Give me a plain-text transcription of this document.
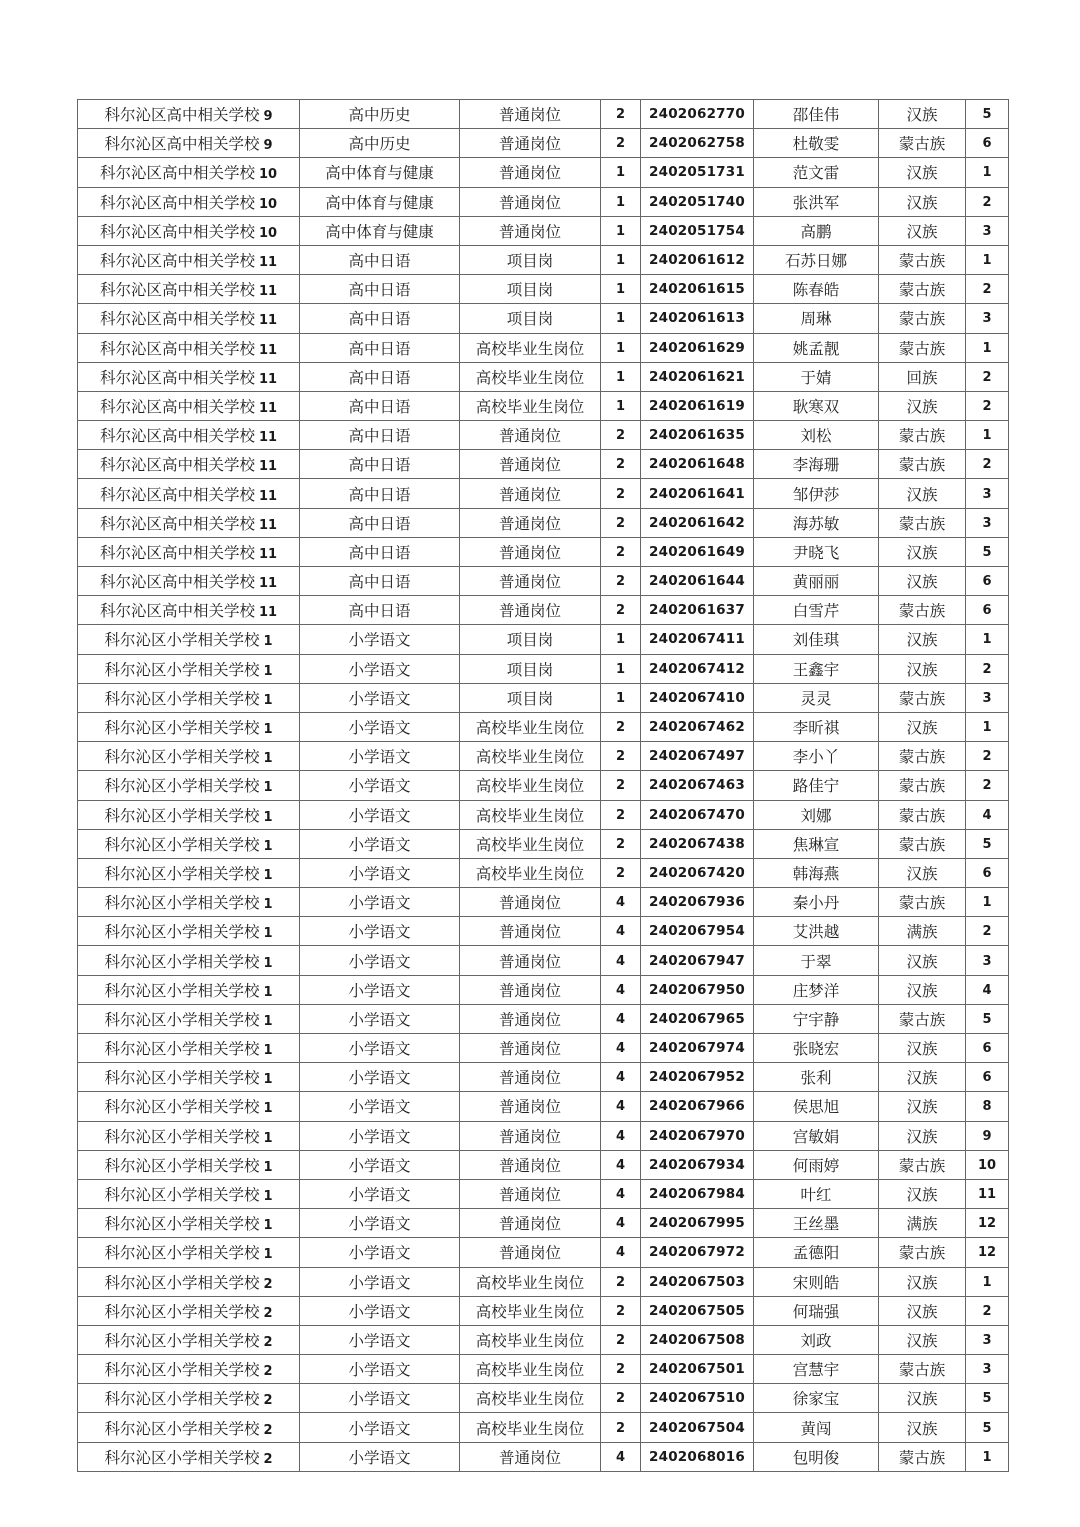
科尔沁区高中相关学校 9	高中历史	普通岗位	2	2402062770	邵佳伟	汉族	5
科尔沁区高中相关学校 9	高中历史	普通岗位	2	2402062758	杜敬雯	蒙古族	6
科尔沁区高中相关学校 10	高中体育与健康	普通岗位	1	2402051731	范文雷	汉族	1
科尔沁区高中相关学校 10	高中体育与健康	普通岗位	1	2402051740	张洪军	汉族	2
科尔沁区高中相关学校 10	高中体育与健康	普通岗位	1	2402051754	高鹏	汉族	3
科尔沁区高中相关学校 11	高中日语	项目岗	1	2402061612	石苏日娜	蒙古族	1
科尔沁区高中相关学校 11	高中日语	项目岗	1	2402061615	陈春皓	蒙古族	2
科尔沁区高中相关学校 11	高中日语	项目岗	1	2402061613	周琳	蒙古族	3
科尔沁区高中相关学校 11	高中日语	高校毕业生岗位	1	2402061629	姚孟靓	蒙古族	1
科尔沁区高中相关学校 11	高中日语	高校毕业生岗位	1	2402061621	于婧	回族	2
科尔沁区高中相关学校 11	高中日语	高校毕业生岗位	1	2402061619	耿寒双	汉族	2
科尔沁区高中相关学校 11	高中日语	普通岗位	2	2402061635	刘松	蒙古族	1
科尔沁区高中相关学校 11	高中日语	普通岗位	2	2402061648	李海珊	蒙古族	2
科尔沁区高中相关学校 11	高中日语	普通岗位	2	2402061641	邹伊莎	汉族	3
科尔沁区高中相关学校 11	高中日语	普通岗位	2	2402061642	海苏敏	蒙古族	3
科尔沁区高中相关学校 11	高中日语	普通岗位	2	2402061649	尹晓飞	汉族	5
科尔沁区高中相关学校 11	高中日语	普通岗位	2	2402061644	黄丽丽	汉族	6
科尔沁区高中相关学校 11	高中日语	普通岗位	2	2402061637	白雪芹	蒙古族	6
科尔沁区小学相关学校 1	小学语文	项目岗	1	2402067411	刘佳琪	汉族	1
科尔沁区小学相关学校 1	小学语文	项目岗	1	2402067412	王鑫宇	汉族	2
科尔沁区小学相关学校 1	小学语文	项目岗	1	2402067410	灵灵	蒙古族	3
科尔沁区小学相关学校 1	小学语文	高校毕业生岗位	2	2402067462	李昕祺	汉族	1
科尔沁区小学相关学校 1	小学语文	高校毕业生岗位	2	2402067497	李小丫	蒙古族	2
科尔沁区小学相关学校 1	小学语文	高校毕业生岗位	2	2402067463	路佳宁	蒙古族	2
科尔沁区小学相关学校 1	小学语文	高校毕业生岗位	2	2402067470	刘娜	蒙古族	4
科尔沁区小学相关学校 1	小学语文	高校毕业生岗位	2	2402067438	焦琳宣	蒙古族	5
科尔沁区小学相关学校 1	小学语文	高校毕业生岗位	2	2402067420	韩海燕	汉族	6
科尔沁区小学相关学校 1	小学语文	普通岗位	4	2402067936	秦小丹	蒙古族	1
科尔沁区小学相关学校 1	小学语文	普通岗位	4	2402067954	艾洪越	满族	2
科尔沁区小学相关学校 1	小学语文	普通岗位	4	2402067947	于翠	汉族	3
科尔沁区小学相关学校 1	小学语文	普通岗位	4	2402067950	庄梦洋	汉族	4
科尔沁区小学相关学校 1	小学语文	普通岗位	4	2402067965	宁宇静	蒙古族	5
科尔沁区小学相关学校 1	小学语文	普通岗位	4	2402067974	张晓宏	汉族	6
科尔沁区小学相关学校 1	小学语文	普通岗位	4	2402067952	张利	汉族	6
科尔沁区小学相关学校 1	小学语文	普通岗位	4	2402067966	侯思旭	汉族	8
科尔沁区小学相关学校 1	小学语文	普通岗位	4	2402067970	宫敏娟	汉族	9
科尔沁区小学相关学校 1	小学语文	普通岗位	4	2402067934	何雨婷	蒙古族	10
科尔沁区小学相关学校 1	小学语文	普通岗位	4	2402067984	叶红	汉族	11
科尔沁区小学相关学校 1	小学语文	普通岗位	4	2402067995	王丝墨	满族	12
科尔沁区小学相关学校 1	小学语文	普通岗位	4	2402067972	孟德阳	蒙古族	12
科尔沁区小学相关学校 2	小学语文	高校毕业生岗位	2	2402067503	宋则皓	汉族	1
科尔沁区小学相关学校 2	小学语文	高校毕业生岗位	2	2402067505	何瑞强	汉族	2
科尔沁区小学相关学校 2	小学语文	高校毕业生岗位	2	2402067508	刘政	汉族	3
科尔沁区小学相关学校 2	小学语文	高校毕业生岗位	2	2402067501	宫慧宇	蒙古族	3
科尔沁区小学相关学校 2	小学语文	高校毕业生岗位	2	2402067510	徐家宝	汉族	5
科尔沁区小学相关学校 2	小学语文	高校毕业生岗位	2	2402067504	黄闯	汉族	5
科尔沁区小学相关学校 2	小学语文	普通岗位	4	2402068016	包明俊	蒙古族	1
